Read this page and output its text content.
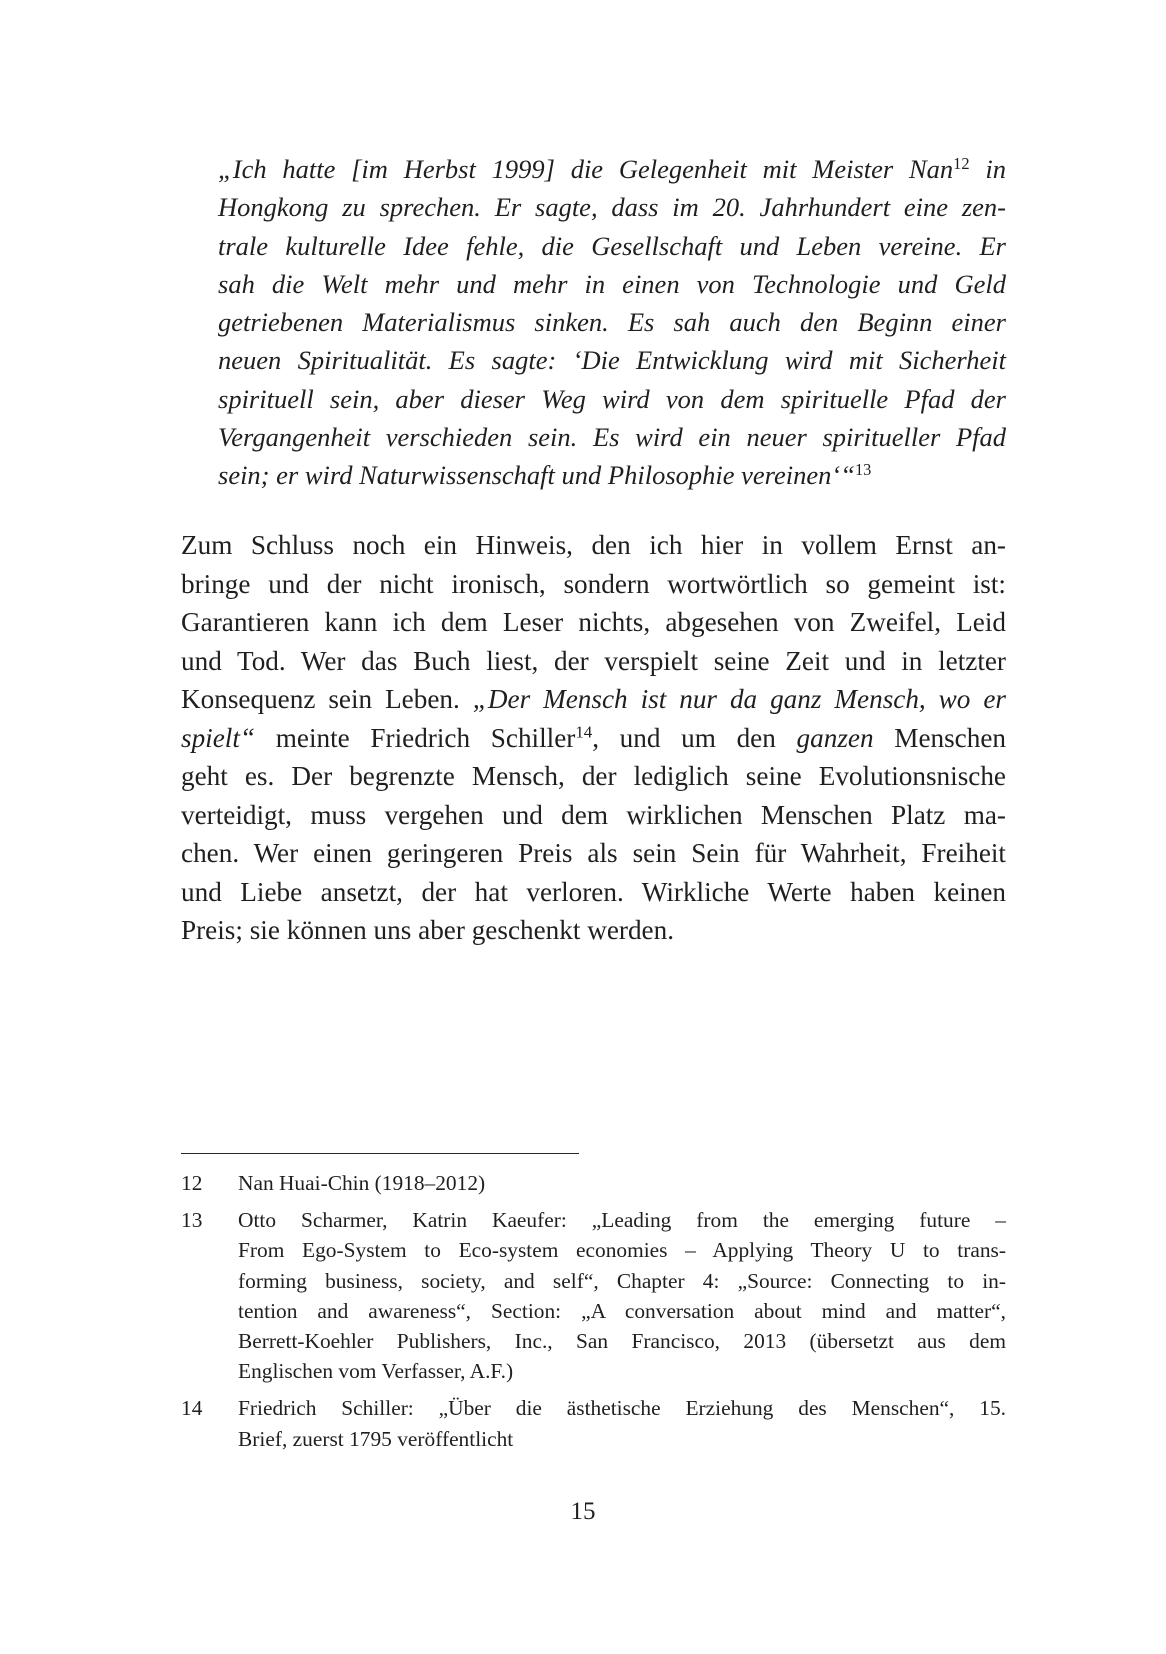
„Ich hatte [im Herbst 1999] die Gelegenheit mit Meister Nan$^{12}$ in
Hongkong zu sprechen. Er sagte, dass im 20. Jahrhundert eine zen-
trale kulturelle Idee fehle, die Gesellschaft und Leben vereine. Er
sah die Welt mehr und mehr in einen von Technologie und Geld
getriebenen Materialismus sinken. Es sah auch den Beginn einer
neuen Spiritualität. Es sagte: ‘Die Entwicklung wird mit Sicherheit
spirituell sein, aber dieser Weg wird von dem spirituelle Pfad der
Vergangenheit verschieden sein. Es wird ein neuer spiritueller Pfad
sein; er wird Naturwissenschaft und Philosophie vereinen‘“$^{13}$
Zum Schluss noch ein Hinweis, den ich hier in vollem Ernst an-
bringe und der nicht ironisch, sondern wortwörtlich so gemeint ist:
Garantieren kann ich dem Leser nichts, abgesehen von Zweifel, Leid
und Tod. Wer das Buch liest, der verspielt seine Zeit und in letzter
Konsequenz sein Leben. „Der Mensch ist nur da ganz Mensch, wo er
spielt“ meinte Friedrich Schiller$^{14}$, und um den ganzen Menschen
geht es. Der begrenzte Mensch, der lediglich seine Evolutionsnische
verteidigt, muss vergehen und dem wirklichen Menschen Platz ma-
chen. Wer einen geringeren Preis als sein Sein für Wahrheit, Freiheit
und Liebe ansetzt, der hat verloren. Wirkliche Werte haben keinen
Preis; sie können uns aber geschenkt werden.
12	Nan Huai-Chin (1918–2012)
13	Otto Scharmer, Katrin Kaeufer: „Leading from the emerging future –
From Ego-System to Eco-system economies – Applying Theory U to trans-
forming business, society, and self“, Chapter 4: „Source: Connecting to in-
tention and awareness“, Section: „A conversation about mind and matter“,
Berrett-Koehler Publishers, Inc., San Francisco, 2013 (übersetzt aus dem
Englischen vom Verfasser, A.F.)
14	Friedrich Schiller: „Über die ästhetische Erziehung des Menschen“, 15.
Brief, zuerst 1795 veröffentlicht
15
